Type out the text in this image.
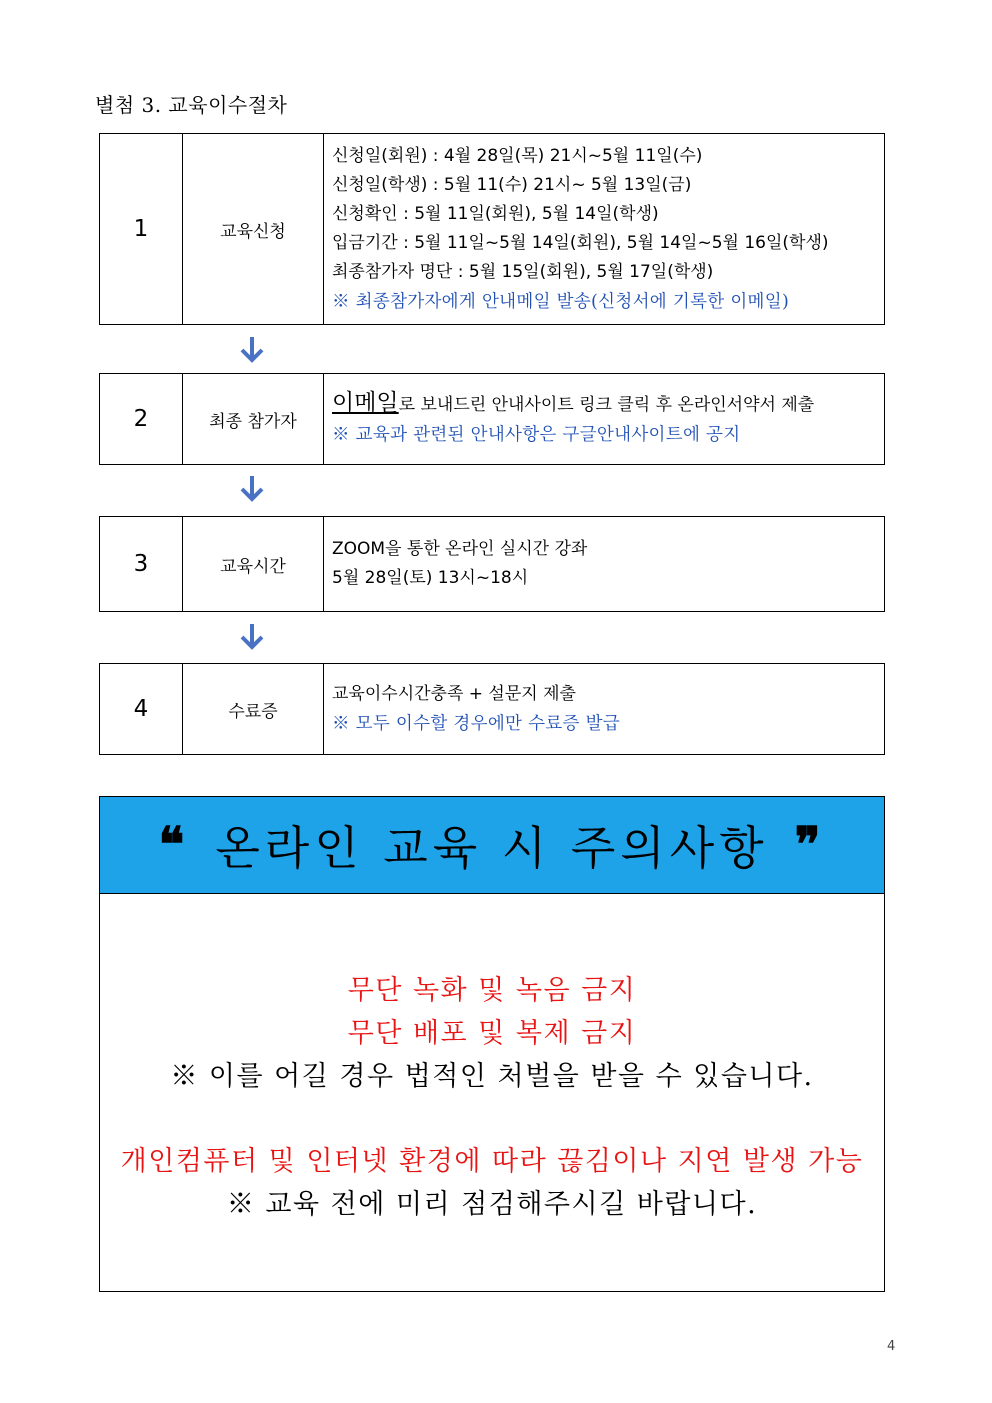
별첨 3. 교육이수절차
1	교육신청
신청일(회원) : 4월 28일(목) 21시~5월 11일(수)
신청일(학생) : 5월 11(수) 21시~ 5월 13일(금)
신청확인 : 5월 11일(회원), 5월 14일(학생)
입금기간 : 5월 11일~5월 14일(회원), 5월 14일~5월 16일(학생)
최종참가자 명단 : 5월 15일(회원), 5월 17일(학생)
※ 최종참가자에게 안내메일 발송(신청서에 기록한 이메일)
2	최종 참가자
이메일로 보내드린 안내사이트 링크 클릭 후 온라인서약서 제출
※ 교육과 관련된 안내사항은 구글안내사이트에 공지
3	교육시간
ZOOM을 통한 온라인 실시간 강좌
5월 28일(토) 13시~18시
4	수료증
교육이수시간충족 + 설문지 제출
※ 모두 이수할 경우에만 수료증 발급
❝ 온라인 교육 시 주의사항 ❞
무단 녹화 및 녹음 금지
무단 배포 및 복제 금지
※ 이를 어길 경우 법적인 처벌을 받을 수 있습니다.
개인컴퓨터 및 인터넷 환경에 따라 끊김이나 지연 발생 가능
※ 교육 전에 미리 점검해주시길 바랍니다.
4
